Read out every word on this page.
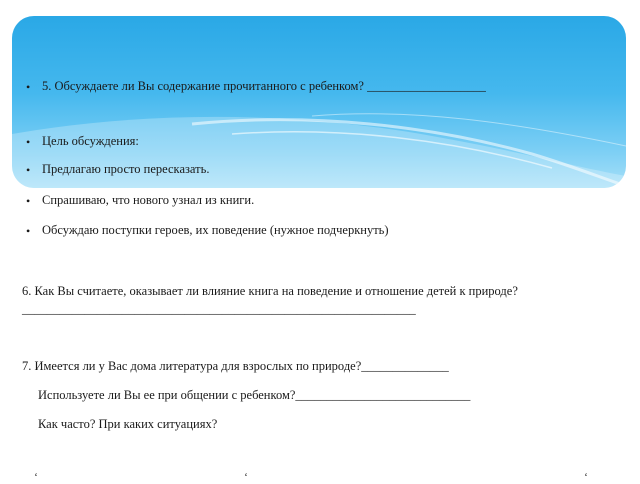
• 5. Обсуждаете ли Вы содержание прочитанного с ребенком? ___________________
• Цель обсуждения:
• Предлагаю просто пересказать.
• Спрашиваю, что нового узнал из книги.
• Обсуждаю поступки героев, их поведение (нужное подчеркнуть)
6. Как Вы считаете, оказывает ли влияние книга на поведение и отношение детей к природе?
_______________________________________________________________
7. Имеется ли у Вас дома литература для взрослых по природе?______________
Используете ли Вы ее при общении с ребенком?____________________________
Как часто? При каких ситуациях?
‘	‘	‘
